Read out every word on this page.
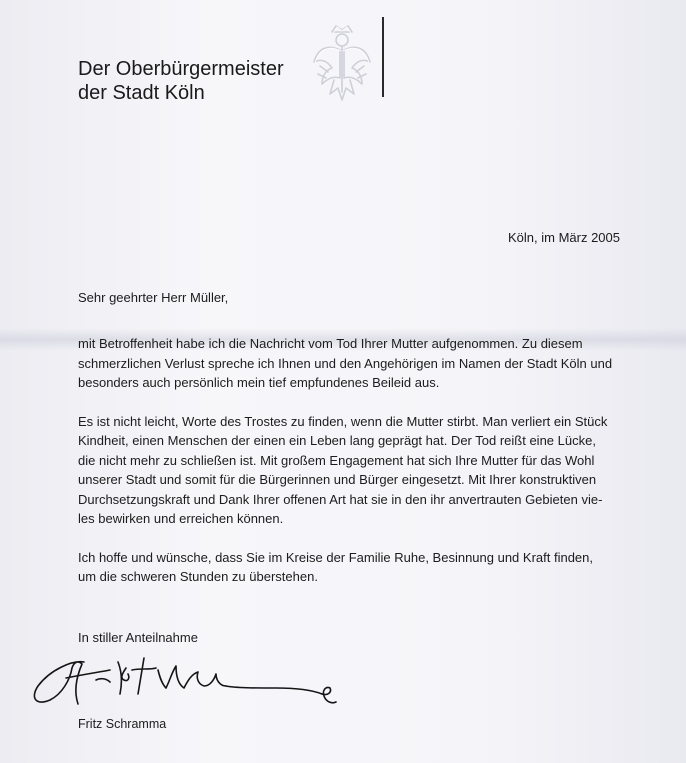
Der Oberbürgermeister
der Stadt Köln
Köln, im März 2005
Sehr geehrter Herr Müller,

mit Betroffenheit habe ich die Nachricht vom Tod Ihrer Mutter aufgenommen. Zu diesem
schmerzlichen Verlust spreche ich Ihnen und den Angehörigen im Namen der Stadt Köln und
besonders auch persönlich mein tief empfundenes Beileid aus.

Es ist nicht leicht, Worte des Trostes zu finden, wenn die Mutter stirbt. Man verliert ein Stück
Kindheit, einen Menschen der einen ein Leben lang geprägt hat. Der Tod reißt eine Lücke,
die nicht mehr zu schließen ist. Mit großem Engagement hat sich Ihre Mutter für das Wohl
unserer Stadt und somit für die Bürgerinnen und Bürger eingesetzt. Mit Ihrer konstruktiven
Durchsetzungskraft und Dank Ihrer offenen Art hat sie in den ihr anvertrauten Gebieten vie-
les bewirken und erreichen können.

Ich hoffe und wünsche, dass Sie im Kreise der Familie Ruhe, Besinnung und Kraft finden,
um die schweren Stunden zu überstehen.

In stiller Anteilnahme
Fritz Schramma
